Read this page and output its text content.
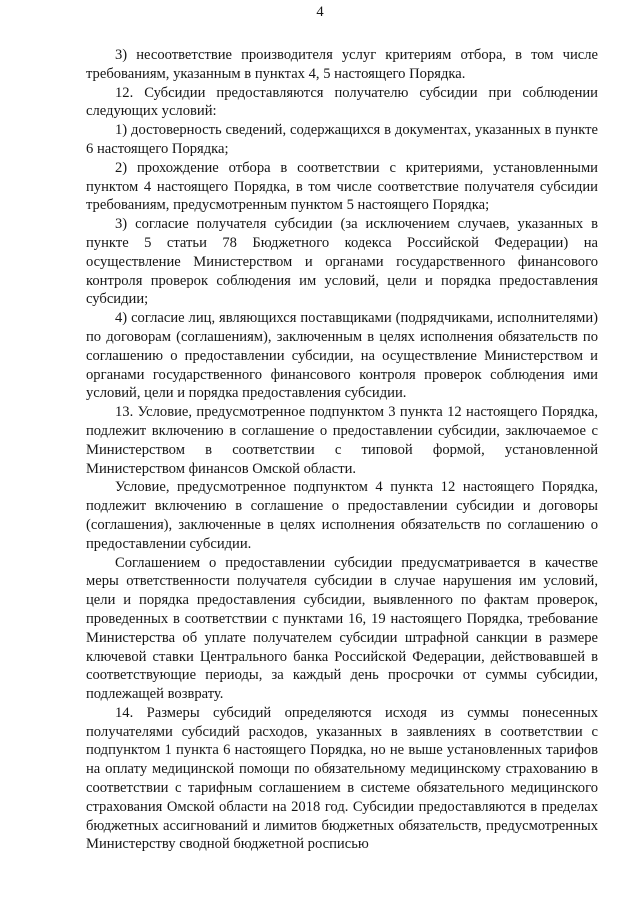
4

3) несоответствие производителя услуг критериям отбора, в том числе требованиям, указанным в пунктах 4, 5 настоящего Порядка.

12. Субсидии предоставляются получателю субсидии при соблюдении следующих условий:

1) достоверность сведений, содержащихся в документах, указанных в пункте 6 настоящего Порядка;

2) прохождение отбора в соответствии с критериями, установленными пунктом 4 настоящего Порядка, в том числе соответствие получателя субсидии требованиям, предусмотренным пунктом 5 настоящего Порядка;

3) согласие получателя субсидии (за исключением случаев, указанных в пункте 5 статьи 78 Бюджетного кодекса Российской Федерации) на осуществление Министерством и органами государственного финансового контроля проверок соблюдения им условий, цели и порядка предоставления субсидии;

4) согласие лиц, являющихся поставщиками (подрядчиками, исполнителями) по договорам (соглашениям), заключенным в целях исполнения обязательств по соглашению о предоставлении субсидии, на осуществление Министерством и органами государственного финансового контроля проверок соблюдения ими условий, цели и порядка предоставления субсидии.

13. Условие, предусмотренное подпунктом 3 пункта 12 настоящего Порядка, подлежит включению в соглашение о предоставлении субсидии, заключаемое с Министерством в соответствии с типовой формой, установленной Министерством финансов Омской области.

Условие, предусмотренное подпунктом 4 пункта 12 настоящего Порядка, подлежит включению в соглашение о предоставлении субсидии и договоры (соглашения), заключенные в целях исполнения обязательств по соглашению о предоставлении субсидии.

Соглашением о предоставлении субсидии предусматривается в качестве меры ответственности получателя субсидии в случае нарушения им условий, цели и порядка предоставления субсидии, выявленного по фактам проверок, проведенных в соответствии с пунктами 16, 19 настоящего Порядка, требование Министерства об уплате получателем субсидии штрафной санкции в размере ключевой ставки Центрального банка Российской Федерации, действовавшей в соответствующие периоды, за каждый день просрочки от суммы субсидии, подлежащей возврату.

14. Размеры субсидий определяются исходя из суммы понесенных получателями субсидий расходов, указанных в заявлениях в соответствии с подпунктом 1 пункта 6 настоящего Порядка, но не выше установленных тарифов на оплату медицинской помощи по обязательному медицинскому страхованию в соответствии с тарифным соглашением в системе обязательного медицинского страхования Омской области на 2018 год. Субсидии предоставляются в пределах бюджетных ассигнований и лимитов бюджетных обязательств, предусмотренных Министерству сводной бюджетной росписью
